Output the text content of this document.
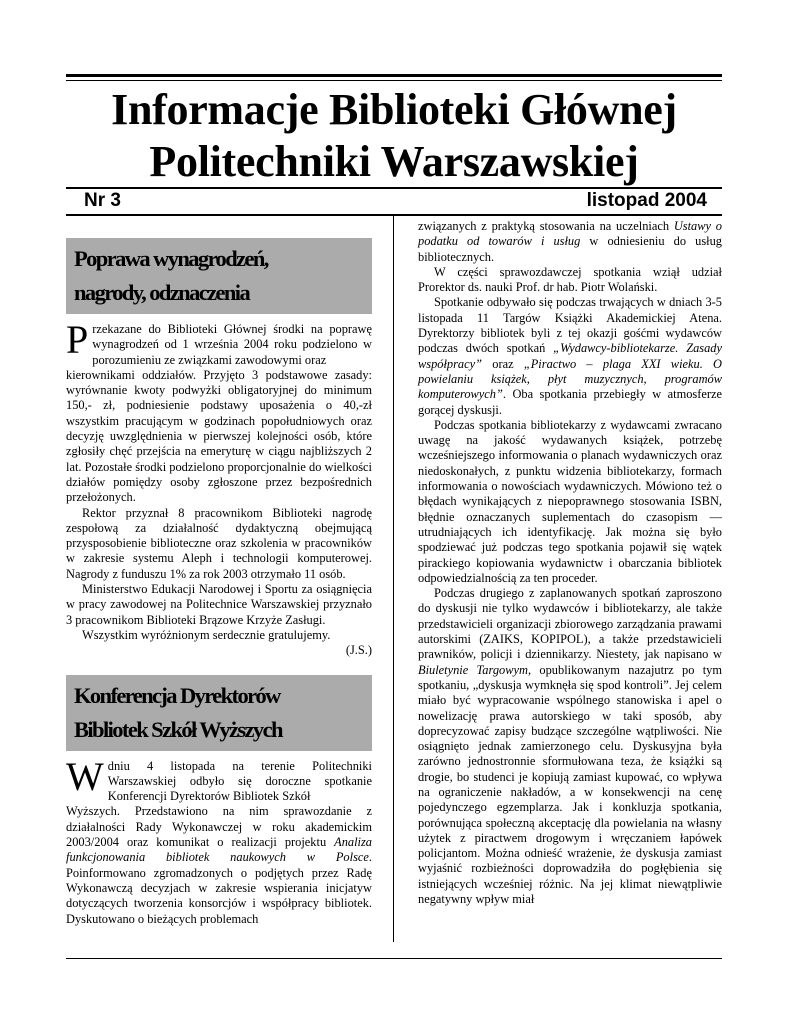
Informacje Biblioteki Głównej
Politechniki Warszawskiej
Nr 3	listopad 2004
Poprawa wynagrodzeń,
nagrody, odznaczenia

Przekazane do Biblioteki Głównej środki na poprawę wynagrodzeń od 1 września 2004 roku podzielono w porozumieniu ze związkami zawodowymi oraz

kierownikami oddziałów. Przyjęto 3 podstawowe zasady: wyrównanie kwoty podwyżki obligatoryjnej do minimum 150,- zł, podniesienie podstawy uposażenia o 40,-zł wszystkim pracującym w godzinach popołudniowych oraz decyzję uwzględnienia w pierwszej kolejności osób, które zgłosiły chęć przejścia na emeryturę w ciągu najbliższych 2 lat. Pozostałe środki podzielono proporcjonalnie do wielkości działów pomiędzy osoby zgłoszone przez bezpośrednich przełożonych.

Rektor przyznał 8 pracownikom Biblioteki nagrodę zespołową za działalność dydaktyczną obejmującą przysposobienie biblioteczne oraz szkolenia w pracowników w zakresie systemu Aleph i technologii komputerowej. Nagrody z funduszu 1% za rok 2003 otrzymało 11 osób.

Ministerstwo Edukacji Narodowej i Sportu za osiągnięcia w pracy zawodowej na Politechnice Warszawskiej przyznało 3 pracownikom Biblioteki Brązowe Krzyże Zasługi.

Wszystkim wyróżnionym serdecznie gratulujemy.

(J.S.)

Konferencja Dyrektorów
Bibliotek Szkół Wyższych

Wdniu 4 listopada na terenie Politechniki Warszawskiej odbyło się doroczne spotkanie Konferencji Dyrektorów Bibliotek Szkół

Wyższych. Przedstawiono na nim sprawozdanie z działalności Rady Wykonawczej w roku akademickim 2003/2004 oraz komunikat o realizacji projektu Analiza funkcjonowania bibliotek naukowych w Polsce. Poinformowano zgromadzonych o podjętych przez Radę Wykonawczą decyzjach w zakresie wspierania inicjatyw dotyczących tworzenia konsorcjów i współpracy bibliotek. Dyskutowano o bieżących problemach

związanych z praktyką stosowania na uczelniach Ustawy o podatku od towarów i usług w odniesieniu do usług bibliotecznych.

W części sprawozdawczej spotkania wziął udział Prorektor ds. nauki Prof. dr hab. Piotr Wolański.

Spotkanie odbywało się podczas trwających w dniach 3-5 listopada 11 Targów Książki Akademickiej Atena. Dyrektorzy bibliotek byli z tej okazji gośćmi wydawców podczas dwóch spotkań „Wydawcy-bibliotekarze. Zasady współpracy” oraz „Piractwo – plaga XXI wieku. O powielaniu książek, płyt muzycznych, programów komputerowych”. Oba spotkania przebiegły w atmosferze gorącej dyskusji.

Podczas spotkania bibliotekarzy z wydawcami zwracano uwagę na jakość wydawanych książek, potrzebę wcześniejszego informowania o planach wydawniczych oraz niedoskonałych, z punktu widzenia bibliotekarzy, formach informowania o nowościach wydawniczych. Mówiono też o błędach wynikających z niepoprawnego stosowania ISBN, błędnie oznaczanych suplementach do czasopism — utrudniających ich identyfikację. Jak można się było spodziewać już podczas tego spotkania pojawił się wątek pirackiego kopiowania wydawnictw i obarczania bibliotek odpowiedzialnością za ten proceder.

Podczas drugiego z zaplanowanych spotkań zaproszono do dyskusji nie tylko wydawców i bibliotekarzy, ale także przedstawicieli organizacji zbiorowego zarządzania prawami autorskimi (ZAIKS, KOPIPOL), a także przedstawicieli prawników, policji i dziennikarzy. Niestety, jak napisano w Biuletynie Targowym, opublikowanym nazajutrz po tym spotkaniu, „dyskusja wymknęła się spod kontroli”. Jej celem miało być wypracowanie wspólnego stanowiska i apel o nowelizację prawa autorskiego w taki sposób, aby doprecyzować zapisy budzące szczególne wątpliwości. Nie osiągnięto jednak zamierzonego celu. Dyskusyjna była zarówno jednostronnie sformułowana teza, że książki są drogie, bo studenci je kopiują zamiast kupować, co wpływa na ograniczenie nakładów, a w konsekwencji na cenę pojedynczego egzemplarza. Jak i konkluzja spotkania, porównująca społeczną akceptację dla powielania na własny użytek z piractwem drogowym i wręczaniem łapówek policjantom. Można odnieść wrażenie, że dyskusja zamiast wyjaśnić rozbieżności doprowadziła do pogłębienia się istniejących wcześniej różnic. Na jej klimat niewątpliwie negatywny wpływ miał
